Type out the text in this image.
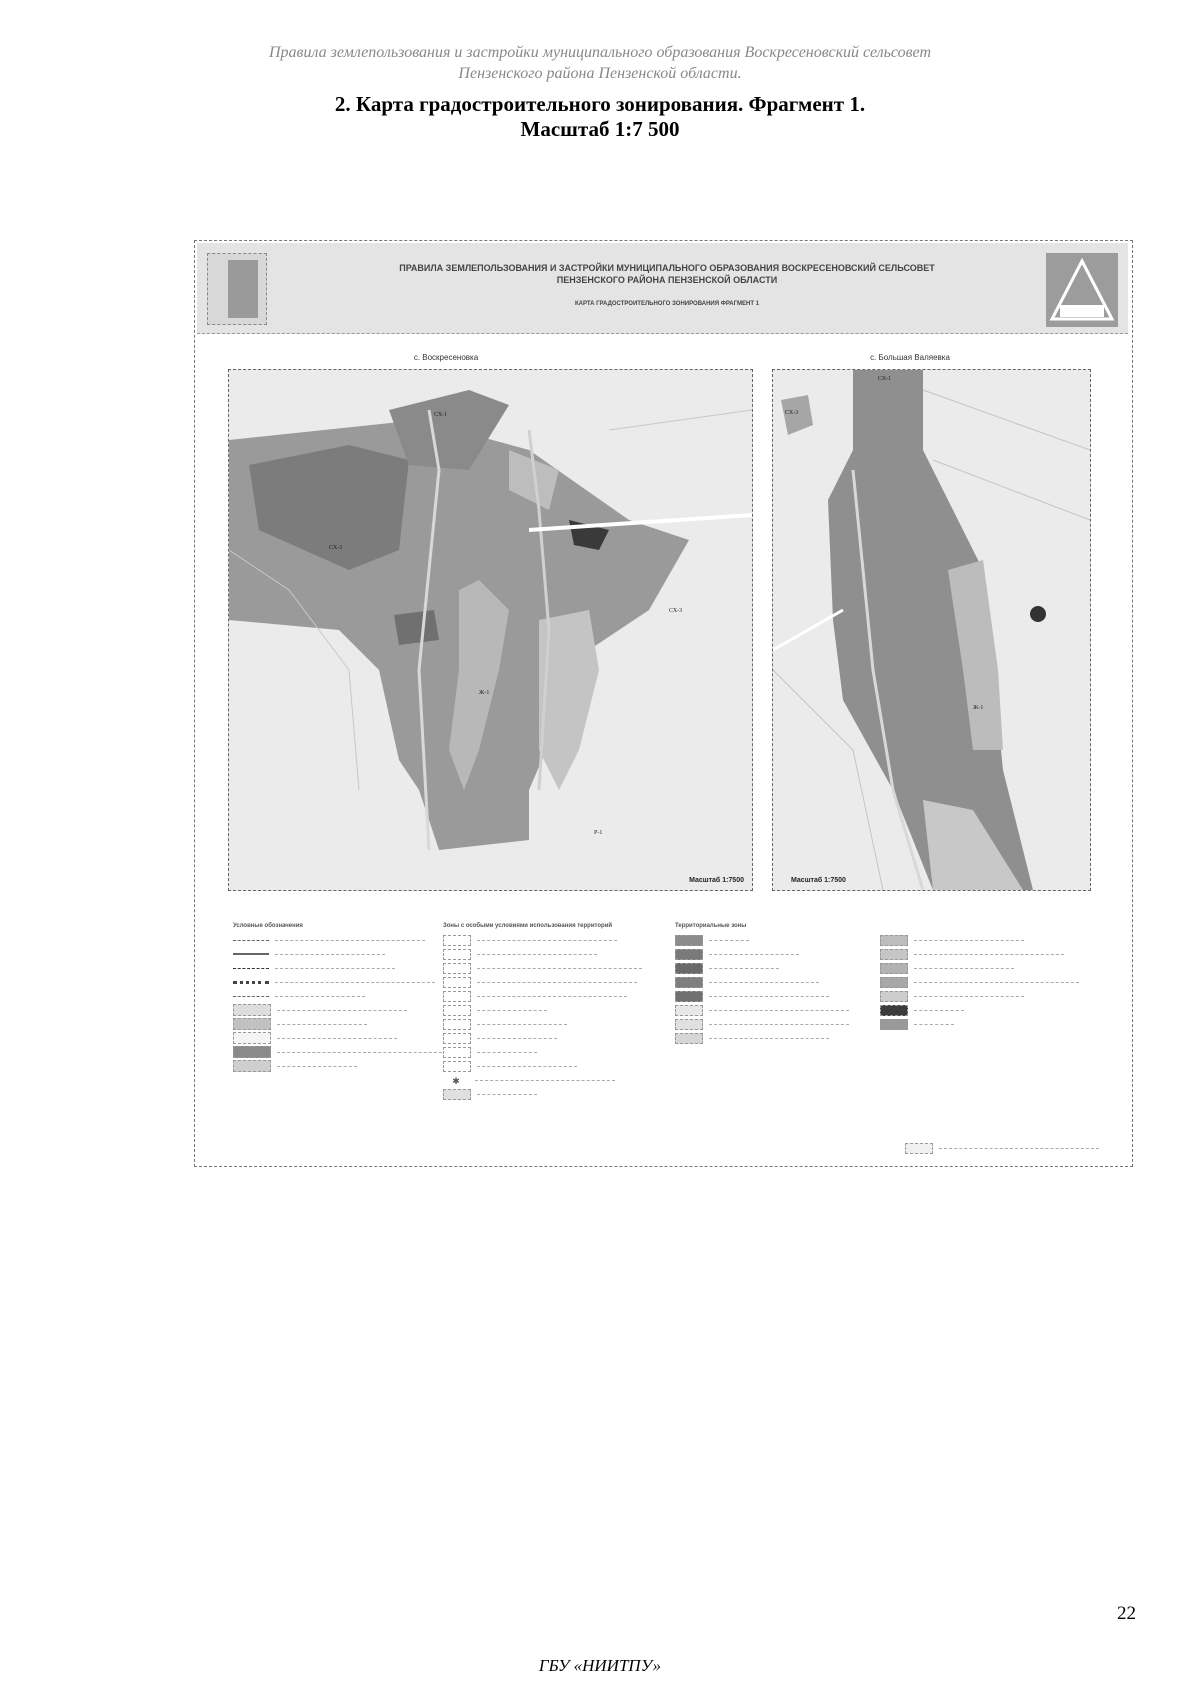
Правила землепользования и застройки муниципального образования Воскресеновский сельсовет
Пензенского района Пензенской области.
2. Карта градостроительного зонирования. Фрагмент 1.
Масштаб 1:7 500
ПРАВИЛА ЗЕМЛЕПОЛЬЗОВАНИЯ И ЗАСТРОЙКИ МУНИЦИПАЛЬНОГО ОБРАЗОВАНИЯ ВОСКРЕСЕНОВСКИЙ СЕЛЬСОВЕТ
ПЕНЗЕНСКОГО РАЙОНА ПЕНЗЕНСКОЙ ОБЛАСТИ
КАРТА ГРАДОСТРОИТЕЛЬНОГО ЗОНИРОВАНИЯ ФРАГМЕНТ 1
с. Воскресеновка
СХ-1
СХ-3
СХ-3
Ж-1
Р-1
Масштаб 1:7500
с. Большая Валяевка
СХ-1
СХ-3
Ж-1
Масштаб 1:7500
Условные обозначения	Зоны с особыми условиями использования территорий
✱
Территориальные зоны
22
ГБУ «НИИТПУ»
